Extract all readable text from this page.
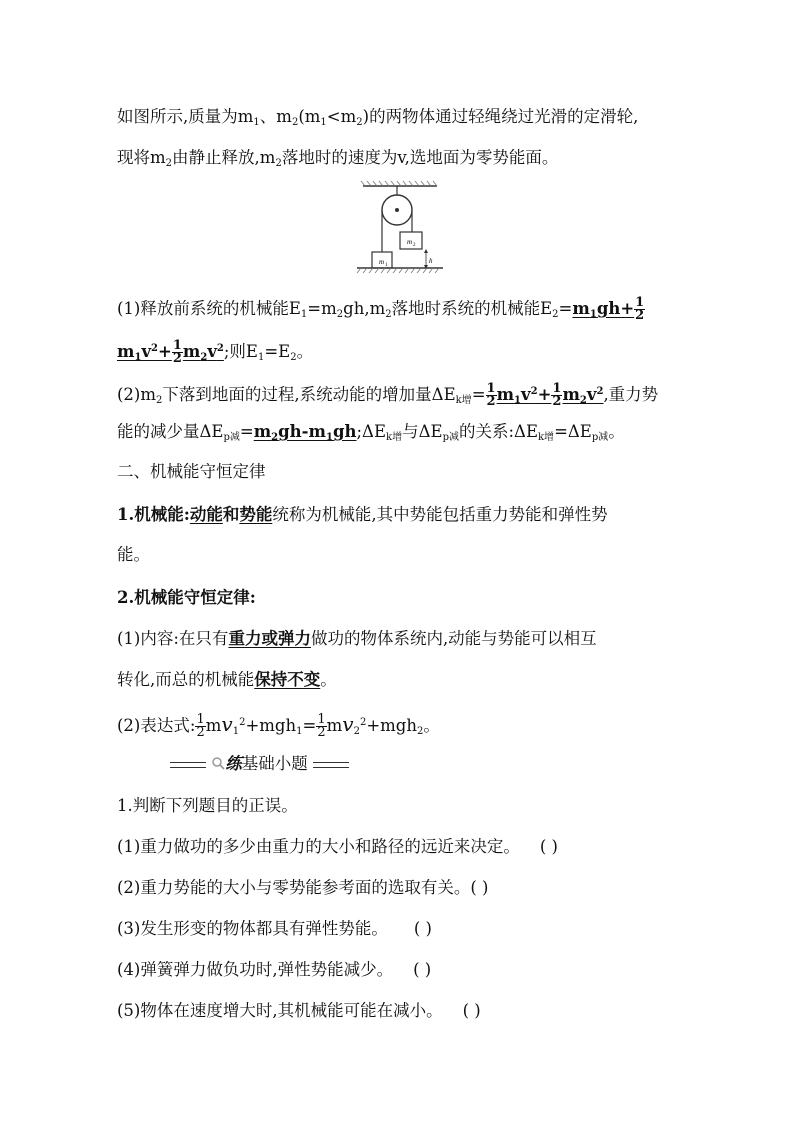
如图所示,质量为$m_1$、$m_2(m_1<m_2)$的两物体通过轻绳绕过光滑的定滑轮,
现将$m_2$由静止释放$,m_2$落地时的速度为v,选地面为零势能面。
m 1
m 2
h
(1)释放前系统的机械能$E_1=m_2gh,m_2$落地时系统的机械能$E_2=m_1gh+ \frac{1}{2}$
$m_1v^2+ \frac{1}{2} m_2v^2$;则$E_1=E_2$。
$(2)m_2$下落到地面的过程,系统动能的增加量$\Delta E_{k增}= \frac{1}{2} m_1v^2+ \frac{1}{2} m_2v^2$,重力势
能的减少量$\Delta E_{p减}=m_2gh-m_1gh;\Delta E_{k增}$与$\Delta E_{p减}$的关系$:\Delta E_{k增}=\Delta E_{p减}$。
二、机械能守恒定律
1.机械能:动能和势能统称为机械能,其中势能包括重力势能和弹性势
能。
2.机械能守恒定律:
(1)内容:在只有重力或弹力做功的物体系统内,动能与势能可以相互
转化,而总的机械能保持不变。
(2)表达式: $\frac{1}{2} mv_1^2+mgh_1= \frac{1}{2} mv_2^2+mgh_2$。
练基础小题
1.判断下列题目的正误。
(1)重力做功的多少由重力的大小和路径的远近来决定。 ( )
(2)重力势能的大小与零势能参考面的选取有关。( )
(3)发生形变的物体都具有弹性势能。 ( )
(4)弹簧弹力做负功时,弹性势能减少。 ( )
(5)物体在速度增大时,其机械能可能在减小。 ( )
